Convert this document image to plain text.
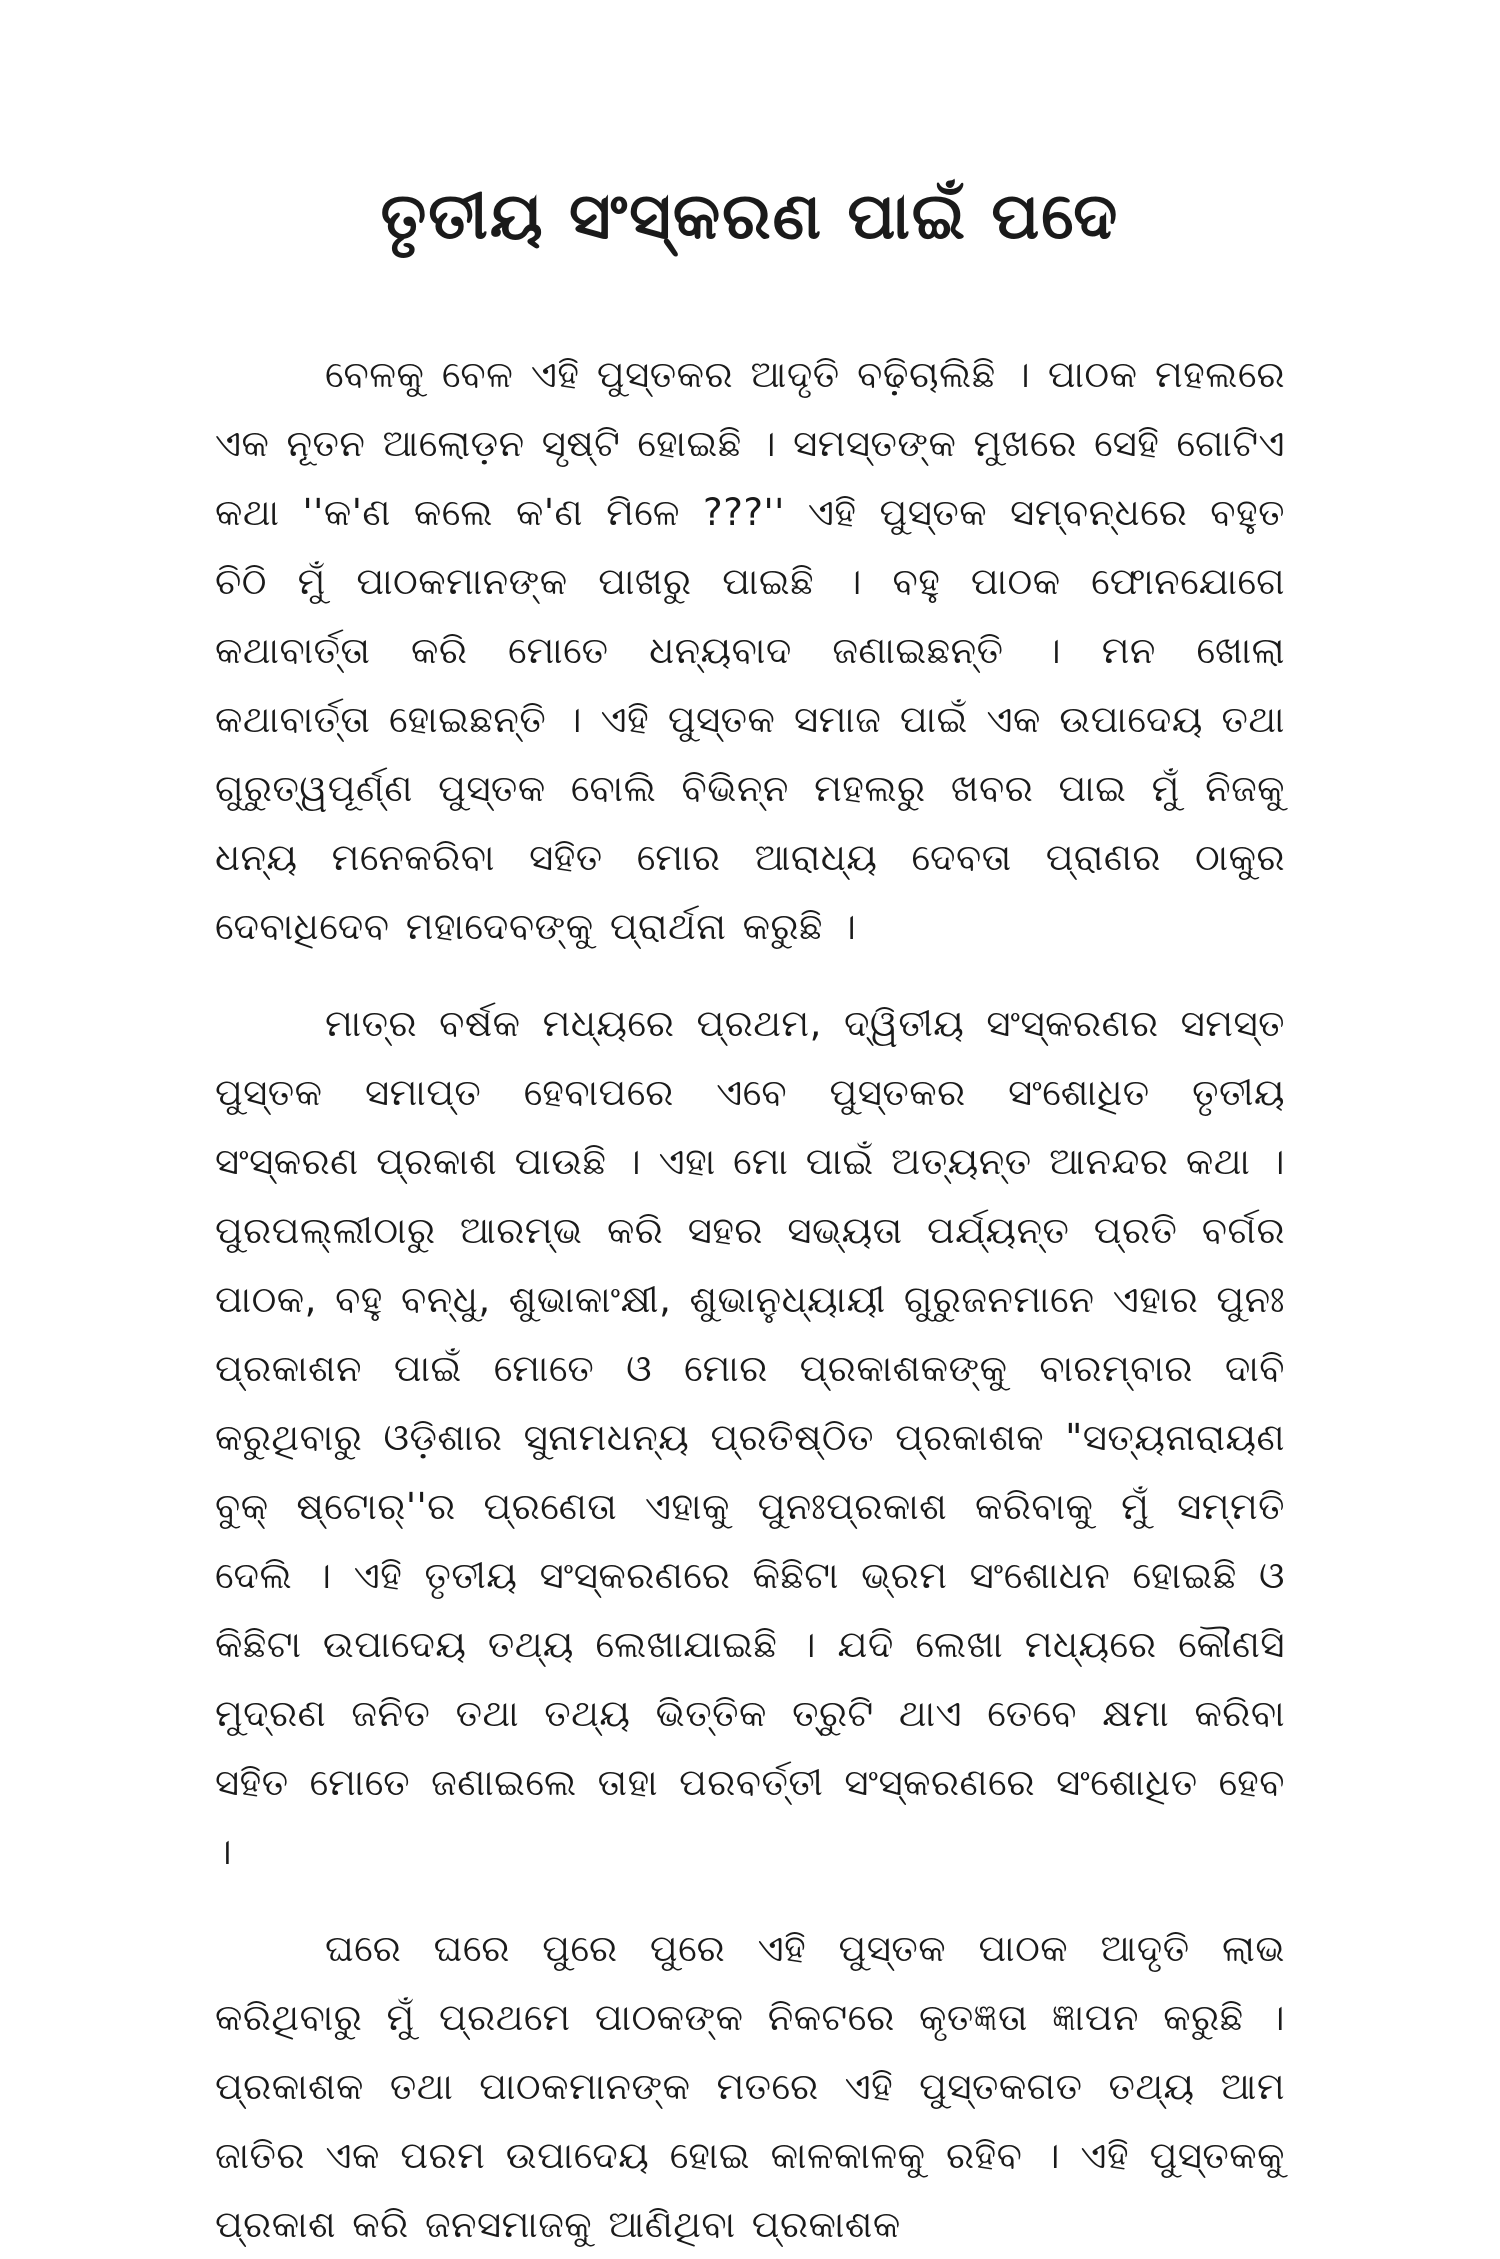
ତୃତୀୟ ସଂସ୍କରଣ ପାଇଁ ପଦେ

ବେଳକୁ ବେଳ ଏହି ପୁସ୍ତକର ଆଦୃତି ବଢ଼ିଚାଲିଛି । ପାଠକ ମହଲରେ ଏକ ନୂତନ ଆଲୋଡ଼ନ ସୃଷ୍ଟି ହୋଇଛି । ସମସ୍ତଙ୍କ ମୁଖରେ ସେହି ଗୋଟିଏ କଥା ''କ'ଣ କଲେ କ'ଣ ମିଳେ ???'' ଏହି ପୁସ୍ତକ ସମ୍ବନ୍ଧରେ ବହୁତ ଚିଠି ମୁଁ ପାଠକମାନଙ୍କ ପାଖରୁ ପାଇଛି । ବହୁ ପାଠକ ଫୋନଯୋଗେ କଥାବାର୍ତ୍ତା କରି ମୋତେ ଧନ୍ୟବାଦ ଜଣାଇଛନ୍ତି । ମନ ଖୋଲା କଥାବାର୍ତ୍ତା ହୋଇଛନ୍ତି । ଏହି ପୁସ୍ତକ ସମାଜ ପାଇଁ ଏକ ଉପାଦେୟ ତଥା ଗୁରୁତ୍ୱପୂର୍ଣ୍ଣ ପୁସ୍ତକ ବୋଲି ବିଭିନ୍ନ ମହଲରୁ ଖବର ପାଇ ମୁଁ ନିଜକୁ ଧନ୍ୟ ମନେକରିବା ସହିତ ମୋର ଆରାଧ୍ୟ ଦେବତା ପ୍ରାଣର ଠାକୁର ଦେବାଧିଦେବ ମହାଦେବଙ୍କୁ ପ୍ରାର୍ଥନା କରୁଛି ।

ମାତ୍ର ବର୍ଷକ ମଧ୍ୟରେ ପ୍ରଥମ, ଦ୍ୱିତୀୟ ସଂସ୍କରଣର ସମସ୍ତ ପୁସ୍ତକ ସମାପ୍ତ ହେବାପରେ ଏବେ ପୁସ୍ତକର ସଂଶୋଧିତ ତୃତୀୟ ସଂସ୍କରଣ ପ୍ରକାଶ ପାଉଛି । ଏହା ମୋ ପାଇଁ ଅତ୍ୟନ୍ତ ଆନନ୍ଦର କଥା । ପୁରପଲ୍ଲୀଠାରୁ ଆରମ୍ଭ କରି ସହର ସଭ୍ୟତା ପର୍ଯ୍ୟନ୍ତ ପ୍ରତି ବର୍ଗର ପାଠକ, ବହୁ ବନ୍ଧୁ, ଶୁଭାକାଂକ୍ଷୀ, ଶୁଭାନୁଧ୍ୟାୟୀ ଗୁରୁଜନମାନେ ଏହାର ପୁନଃ ପ୍ରକାଶନ ପାଇଁ ମୋତେ ଓ ମୋର ପ୍ରକାଶକଙ୍କୁ ବାରମ୍ବାର ଦାବି କରୁଥିବାରୁ ଓଡ଼ିଶାର ସୁନାମଧନ୍ୟ ପ୍ରତିଷ୍ଠିତ ପ୍ରକାଶକ "ସତ୍ୟନାରାୟଣ ବୁକ୍ ଷ୍ଟୋର୍''ର ପ୍ରଣେତା ଏହାକୁ ପୁନଃପ୍ରକାଶ କରିବାକୁ ମୁଁ ସମ୍ମତି ଦେଲି । ଏହି ତୃତୀୟ ସଂସ୍କରଣରେ କିଛିଟା ଭ୍ରମ ସଂଶୋଧନ ହୋଇଛି ଓ କିଛିଟା ଉପାଦେୟ ତଥ୍ୟ ଲେଖାଯାଇଛି । ଯଦି ଲେଖା ମଧ୍ୟରେ କୌଣସି ମୁଦ୍ରଣ ଜନିତ ତଥା ତଥ୍ୟ ଭିତ୍ତିକ ତ୍ରୁଟି ଥାଏ ତେବେ କ୍ଷମା କରିବା ସହିତ ମୋତେ ଜଣାଇଲେ ତାହା ପରବର୍ତ୍ତୀ ସଂସ୍କରଣରେ ସଂଶୋଧିତ ହେବ ।

ଘରେ ଘରେ ପୁରେ ପୁରେ ଏହି ପୁସ୍ତକ ପାଠକ ଆଦୃତି ଲାଭ କରିଥିବାରୁ ମୁଁ ପ୍ରଥମେ ପାଠକଙ୍କ ନିକଟରେ କୃତଜ୍ଞତା ଜ୍ଞାପନ କରୁଛି । ପ୍ରକାଶକ ତଥା ପାଠକମାନଙ୍କ ମତରେ ଏହି ପୁସ୍ତକଗତ ତଥ୍ୟ ଆମ ଜାତିର ଏକ ପରମ ଉପାଦେୟ ହୋଇ କାଳକାଳକୁ ରହିବ । ଏହି ପୁସ୍ତକକୁ ପ୍ରକାଶ କରି ଜନସମାଜକୁ ଆଣିଥିବା ପ୍ରକାଶକ
